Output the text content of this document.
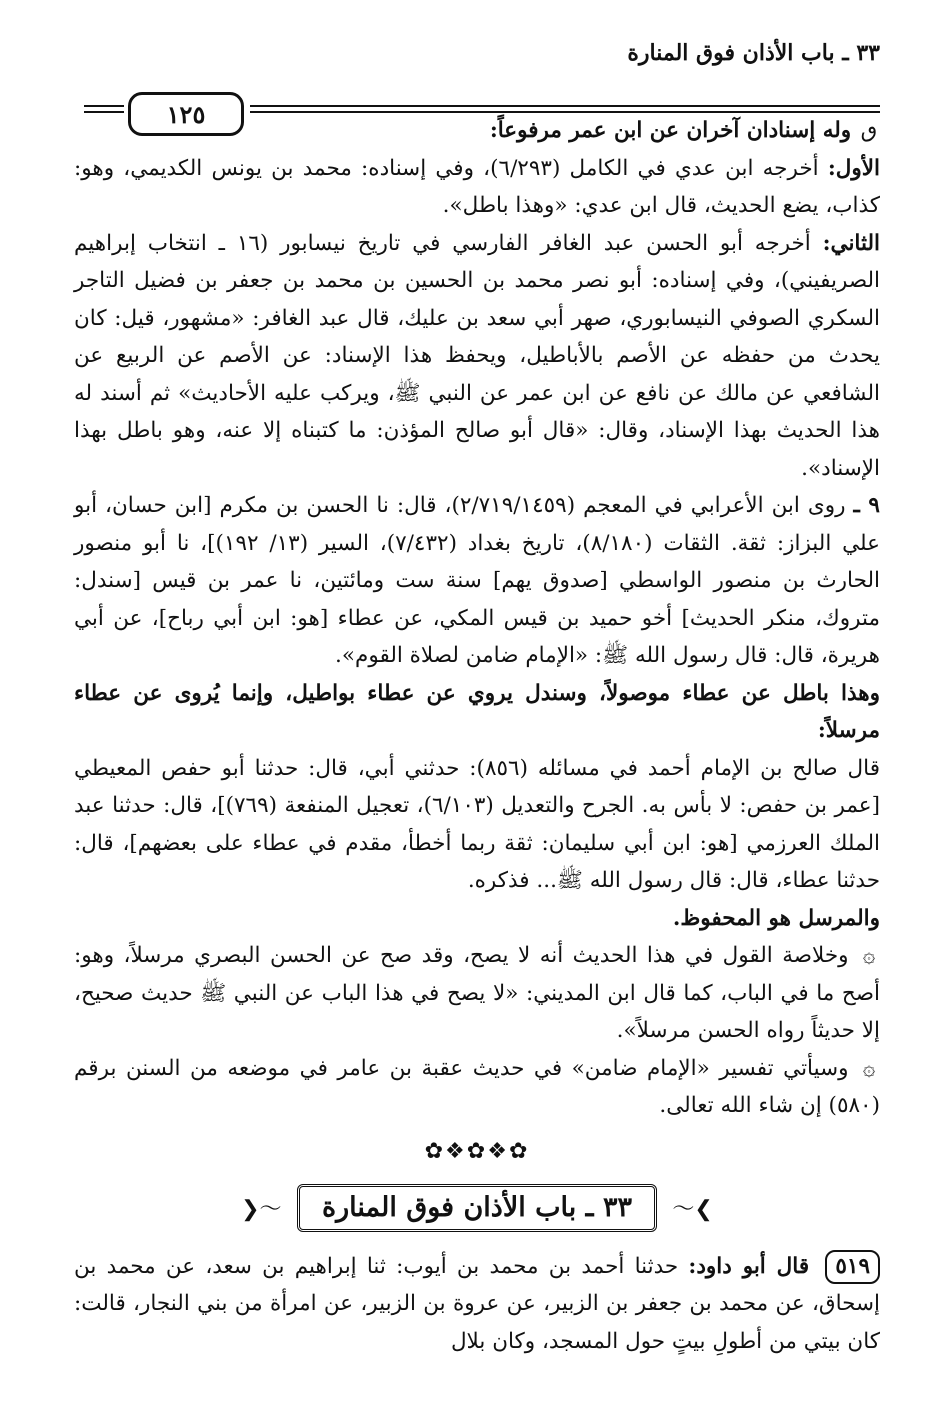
٣٣ ـ باب الأذان فوق المنارة
١٢٥

ٯ وله إسنادان آخران عن ابن عمر مرفوعاً:

الأول: أخرجه ابن عدي في الكامل (٦/٢٩٣)، وفي إسناده: محمد بن يونس الكديمي، وهو: كذاب، يضع الحديث، قال ابن عدي: «وهذا باطل».

الثاني: أخرجه أبو الحسن عبد الغافر الفارسي في تاريخ نيسابور (١٦ ـ انتخاب إبراهيم الصريفيني)، وفي إسناده: أبو نصر محمد بن الحسين بن محمد بن جعفر بن فضيل التاجر السكري الصوفي النيسابوري، صهر أبي سعد بن عليك، قال عبد الغافر: «مشهور، قيل: كان يحدث من حفظه عن الأصم بالأباطيل، ويحفظ هذا الإسناد: عن الأصم عن الربيع عن الشافعي عن مالك عن نافع عن ابن عمر عن النبي ﷺ، ويركب عليه الأحاديث» ثم أسند له هذا الحديث بهذا الإسناد، وقال: «قال أبو صالح المؤذن: ما كتبناه إلا عنه، وهو باطل بهذا الإسناد».

٩ ـ روى ابن الأعرابي في المعجم (٢/٧١٩/١٤٥٩)، قال: نا الحسن بن مكرم [ابن حسان، أبو علي البزاز: ثقة. الثقات (٨/١٨٠)، تاريخ بغداد (٧/٤٣٢)، السير (١٣/ ١٩٢)]، نا أبو منصور الحارث بن منصور الواسطي [صدوق يهم] سنة ست ومائتين، نا عمر بن قيس [سندل: متروك، منكر الحديث] أخو حميد بن قيس المكي، عن عطاء [هو: ابن أبي رباح]، عن أبي هريرة، قال: قال رسول الله ﷺ: «الإمام ضامن لصلاة القوم».

وهذا باطل عن عطاء موصولاً، وسندل يروي عن عطاء بواطيل، وإنما يُروى عن عطاء مرسلاً:

قال صالح بن الإمام أحمد في مسائله (٨٥٦): حدثني أبي، قال: حدثنا أبو حفص المعيطي [عمر بن حفص: لا بأس به. الجرح والتعديل (٦/١٠٣)، تعجيل المنفعة (٧٦٩)]، قال: حدثنا عبد الملك العرزمي [هو: ابن أبي سليمان: ثقة ربما أخطأ، مقدم في عطاء على بعضهم]، قال: حدثنا عطاء، قال: قال رسول الله ﷺ... فذكره.

والمرسل هو المحفوظ.

۞ وخلاصة القول في هذا الحديث أنه لا يصح، وقد صح عن الحسن البصري مرسلاً، وهو: أصح ما في الباب، كما قال ابن المديني: «لا يصح في هذا الباب عن النبي ﷺ حديث صحيح، إلا حديثاً رواه الحسن مرسلاً».

۞ وسيأتي تفسير «الإمام ضامن» في حديث عقبة بن عامر في موضعه من السنن برقم (٥٨٠) إن شاء الله تعالى.

✿❖✿❖✿
❯〜 ٣٣ ـ باب الأذان فوق المنارة 〜❮

٥١٩ قال أبو داود: حدثنا أحمد بن محمد بن أيوب: ثنا إبراهيم بن سعد، عن محمد بن إسحاق، عن محمد بن جعفر بن الزبير، عن عروة بن الزبير، عن امرأة من بني النجار، قالت: كان بيتي من أطولِ بيتٍ حول المسجد، وكان بلال
